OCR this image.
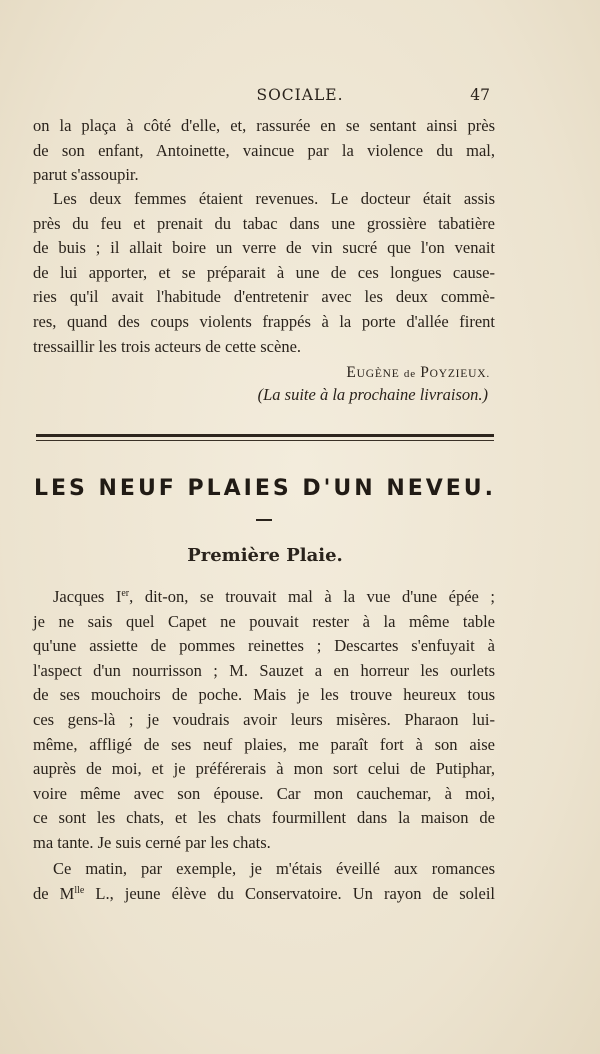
SOCIALE.	47
on la plaça à côté d'elle, et, rassurée en se sentant ainsi près
de son enfant, Antoinette, vaincue par la violence du mal,
parut s'assoupir.
Les deux femmes étaient revenues. Le docteur était assis
près du feu et prenait du tabac dans une grossière tabatière
de buis ; il allait boire un verre de vin sucré que l'on venait
de lui apporter, et se préparait à une de ces longues cause-
ries qu'il avait l'habitude d'entretenir avec les deux commè-
res, quand des coups violents frappés à la porte d'allée firent
tressaillir les trois acteurs de cette scène.
EUGÈNE de POYZIEUX.
(La suite à la prochaine livraison.)
LES NEUF PLAIES D'UN NEVEU.
Première Plaie.
Jacques Ier, dit-on, se trouvait mal à la vue d'une épée ;
je ne sais quel Capet ne pouvait rester à la même table
qu'une assiette de pommes reinettes ; Descartes s'enfuyait à
l'aspect d'un nourrisson ; M. Sauzet a en horreur les ourlets
de ses mouchoirs de poche. Mais je les trouve heureux tous
ces gens-là ; je voudrais avoir leurs misères. Pharaon lui-
même, affligé de ses neuf plaies, me paraît fort à son aise
auprès de moi, et je préférerais à mon sort celui de Putiphar,
voire même avec son épouse. Car mon cauchemar, à moi,
ce sont les chats, et les chats fourmillent dans la maison de
ma tante. Je suis cerné par les chats.
Ce matin, par exemple, je m'étais éveillé aux romances
de $M^{lle}$ L., jeune élève du Conservatoire. Un rayon de soleil
